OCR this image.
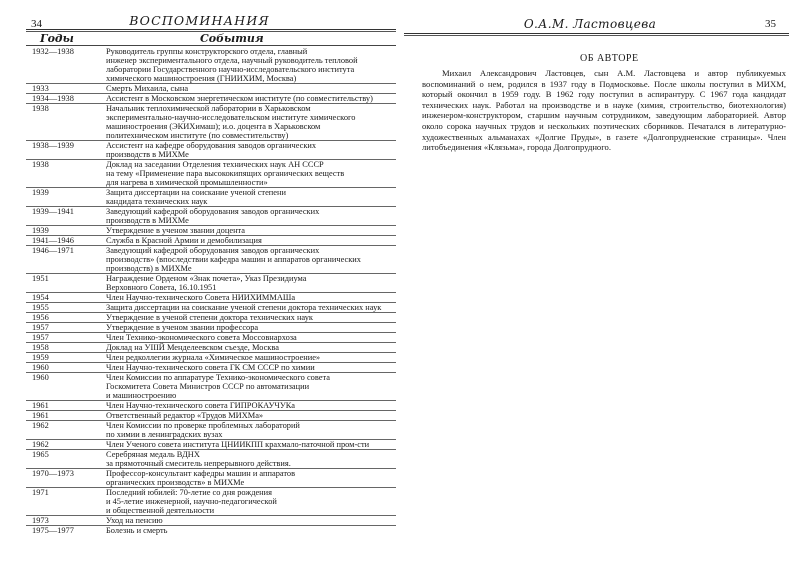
34	ВОСПОМИНАНИЯ
Годы	События
1932—1938	Руководитель группы конструкторского отдела, главный
инженер экспериментального отдела, научный руководитель тепловой
лаборатории Государственного научно-исследовательского института
химического машиностроения (ГНИИХИМ, Москва)
1933	Смерть Михаила, сына
1934—1938	Ассистент в Московском энергетическом институте (по совместительству)
1938	Начальник теплохимической лаборатории в Харьковском
экспериментально-научно-исследовательском институте химического
машиностроения (ЭКИХимаш); и.о. доцента в Харьковском
политехническом институте (по совместительству)
1938—1939	Ассистент на кафедре оборудования заводов органических
производств в МИХМе
1938	Доклад на заседании Отделения технических наук АН СССР
на тему «Применение пара высококипящих органических веществ
для нагрева в химической промышленности»
1939	Защита диссертации на соискание ученой степени
кандидата технических наук
1939—1941	Заведующий кафедрой оборудования заводов органических
производств в МИХМе
1939	Утверждение в ученом звании доцента
1941—1946	Служба в Красной Армии и демобилизация
1946—1971	Заведующий кафедрой оборудования заводов органических
производств» (впоследствии кафедра машин и аппаратов органических
производств) в МИХМе
1951	Награждение Орденом «Знак почета», Указ Президиума
Верховного Совета, 16.10.1951
1954	Член Научно-технического Совета НИИХИММАШа
1955	Защита диссертации на соискание ученой степени доктора технических наук
1956	Утверждение в ученой степени доктора технических наук
1957	Утверждение в ученом звании профессора
1957	Член Технико-экономического совета Моссовнархоза
1958	Доклад на УIIIЙ Менделеевском съезде, Москва
1959	Член редколлегии журнала «Химическое машиностроение»
1960	Член Научно-технического совета ГК СМ СССР по химии
1960	Член Комиссии по аппаратуре Технико-экономического совета
Госкомитета Совета Министров СССР по автоматизации
и машиностроению
1961	Член Научно-технического совета ГИПРОКАУЧУКа
1961	Ответственный редактор «Трудов МИХМа»
1962	Член Комиссии по проверке проблемных лабораторий
по химии в ленинградских вузах
1962	Член Ученого совета института ЦНИИКПП крахмало-паточной пром-сти
1965	Серебряная медаль ВДНХ
за прямоточный смеситель непрерывного действия.
1970—1973	Профессор-консультант кафедры машин и аппаратов
органических производств» в МИХМе
1971	Последний юбилей: 70-летие со дня рождения
и 45-летие инженерной, научно-педагогической
и общественной деятельности
1973	Уход на пенсию
1975—1977	Болезнь и смерть
О.А.М. Ластовцева	35
ОБ АВТОРЕ
Михаил Александрович Ластовцев, сын А.М. Ластовцева и автор публикуемых воспоминаний о нем, родился в 1937 году в Подмосковье. После школы поступил в МИХМ, который окончил в 1959 году. В 1962 году поступил в аспирантуру. С 1967 года кандидат технических наук. Работал на производстве и в науке (химия, строительство, биотехнология) инженером-конструктором, старшим научным сотрудником, заведующим лабораторией. Автор около сорока научных трудов и нескольких поэтических сборников. Печатался в литературно-художественных альманахах «Долгие Пруды», в газете «Долгопрудненские страницы». Член литобъединения «Клязьма», города Долгопрудного.
